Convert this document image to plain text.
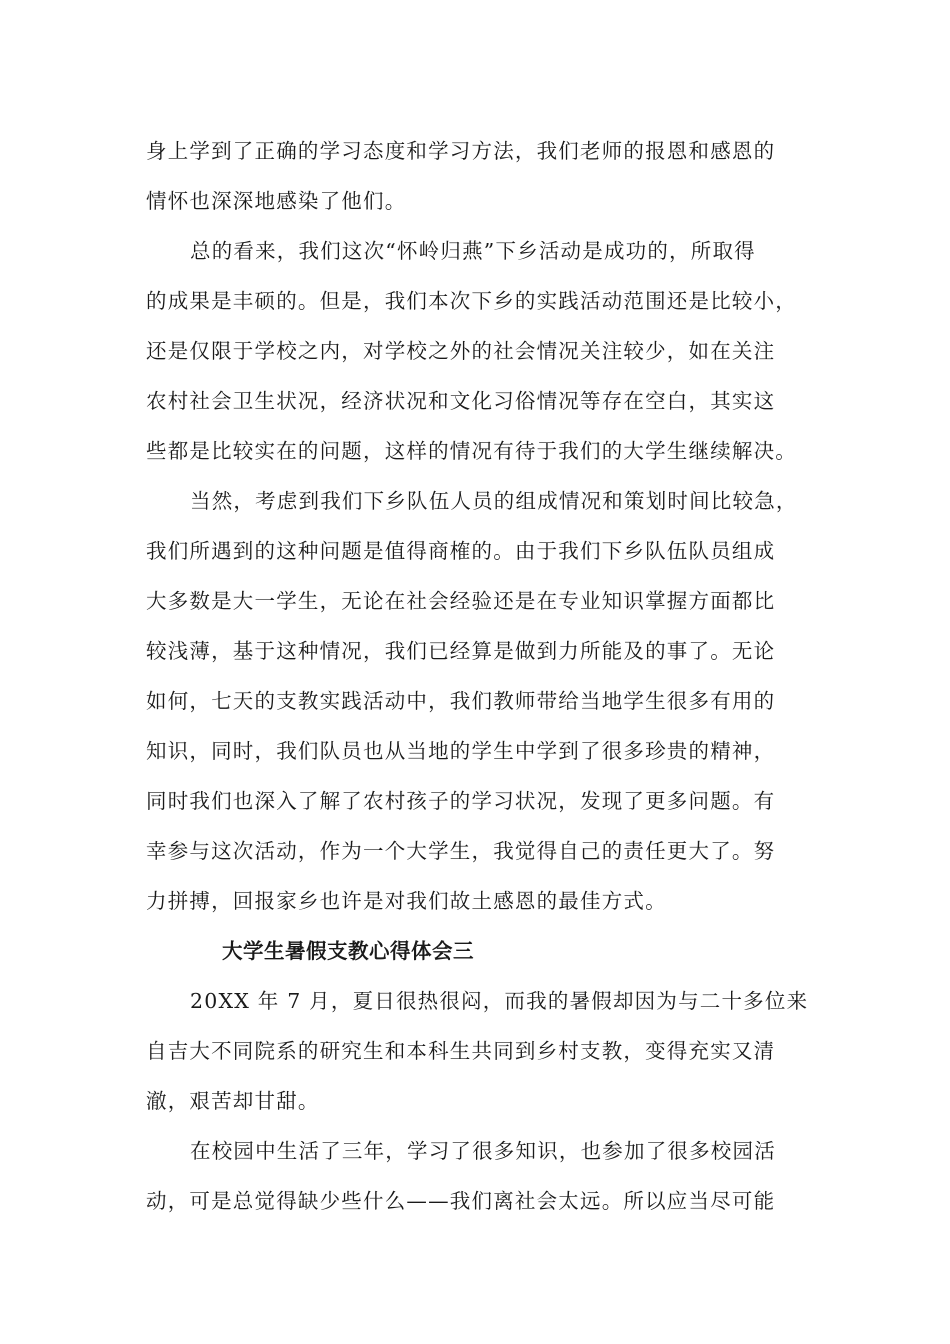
身上学到了正确的学习态度和学习方法，我们老师的报恩和感恩的
情怀也深深地感染了他们。
总的看来，我们这次“怀岭归燕”下乡活动是成功的，所取得
的成果是丰硕的。但是，我们本次下乡的实践活动范围还是比较小，
还是仅限于学校之内，对学校之外的社会情况关注较少，如在关注
农村社会卫生状况，经济状况和文化习俗情况等存在空白，其实这
些都是比较实在的问题，这样的情况有待于我们的大学生继续解决。
当然，考虑到我们下乡队伍人员的组成情况和策划时间比较急，
我们所遇到的这种问题是值得商榷的。由于我们下乡队伍队员组成
大多数是大一学生，无论在社会经验还是在专业知识掌握方面都比
较浅薄，基于这种情况，我们已经算是做到力所能及的事了。无论
如何，七天的支教实践活动中，我们教师带给当地学生很多有用的
知识，同时，我们队员也从当地的学生中学到了很多珍贵的精神，
同时我们也深入了解了农村孩子的学习状况，发现了更多问题。有
幸参与这次活动，作为一个大学生，我觉得自己的责任更大了。努
力拼搏，回报家乡也许是对我们故土感恩的最佳方式。
大学生暑假支教心得体会三
20XX 年 7 月，夏日很热很闷，而我的暑假却因为与二十多位来
自吉大不同院系的研究生和本科生共同到乡村支教，变得充实又清
澈，艰苦却甘甜。
在校园中生活了三年，学习了很多知识，也参加了很多校园活
动，可是总觉得缺少些什么——我们离社会太远。所以应当尽可能
